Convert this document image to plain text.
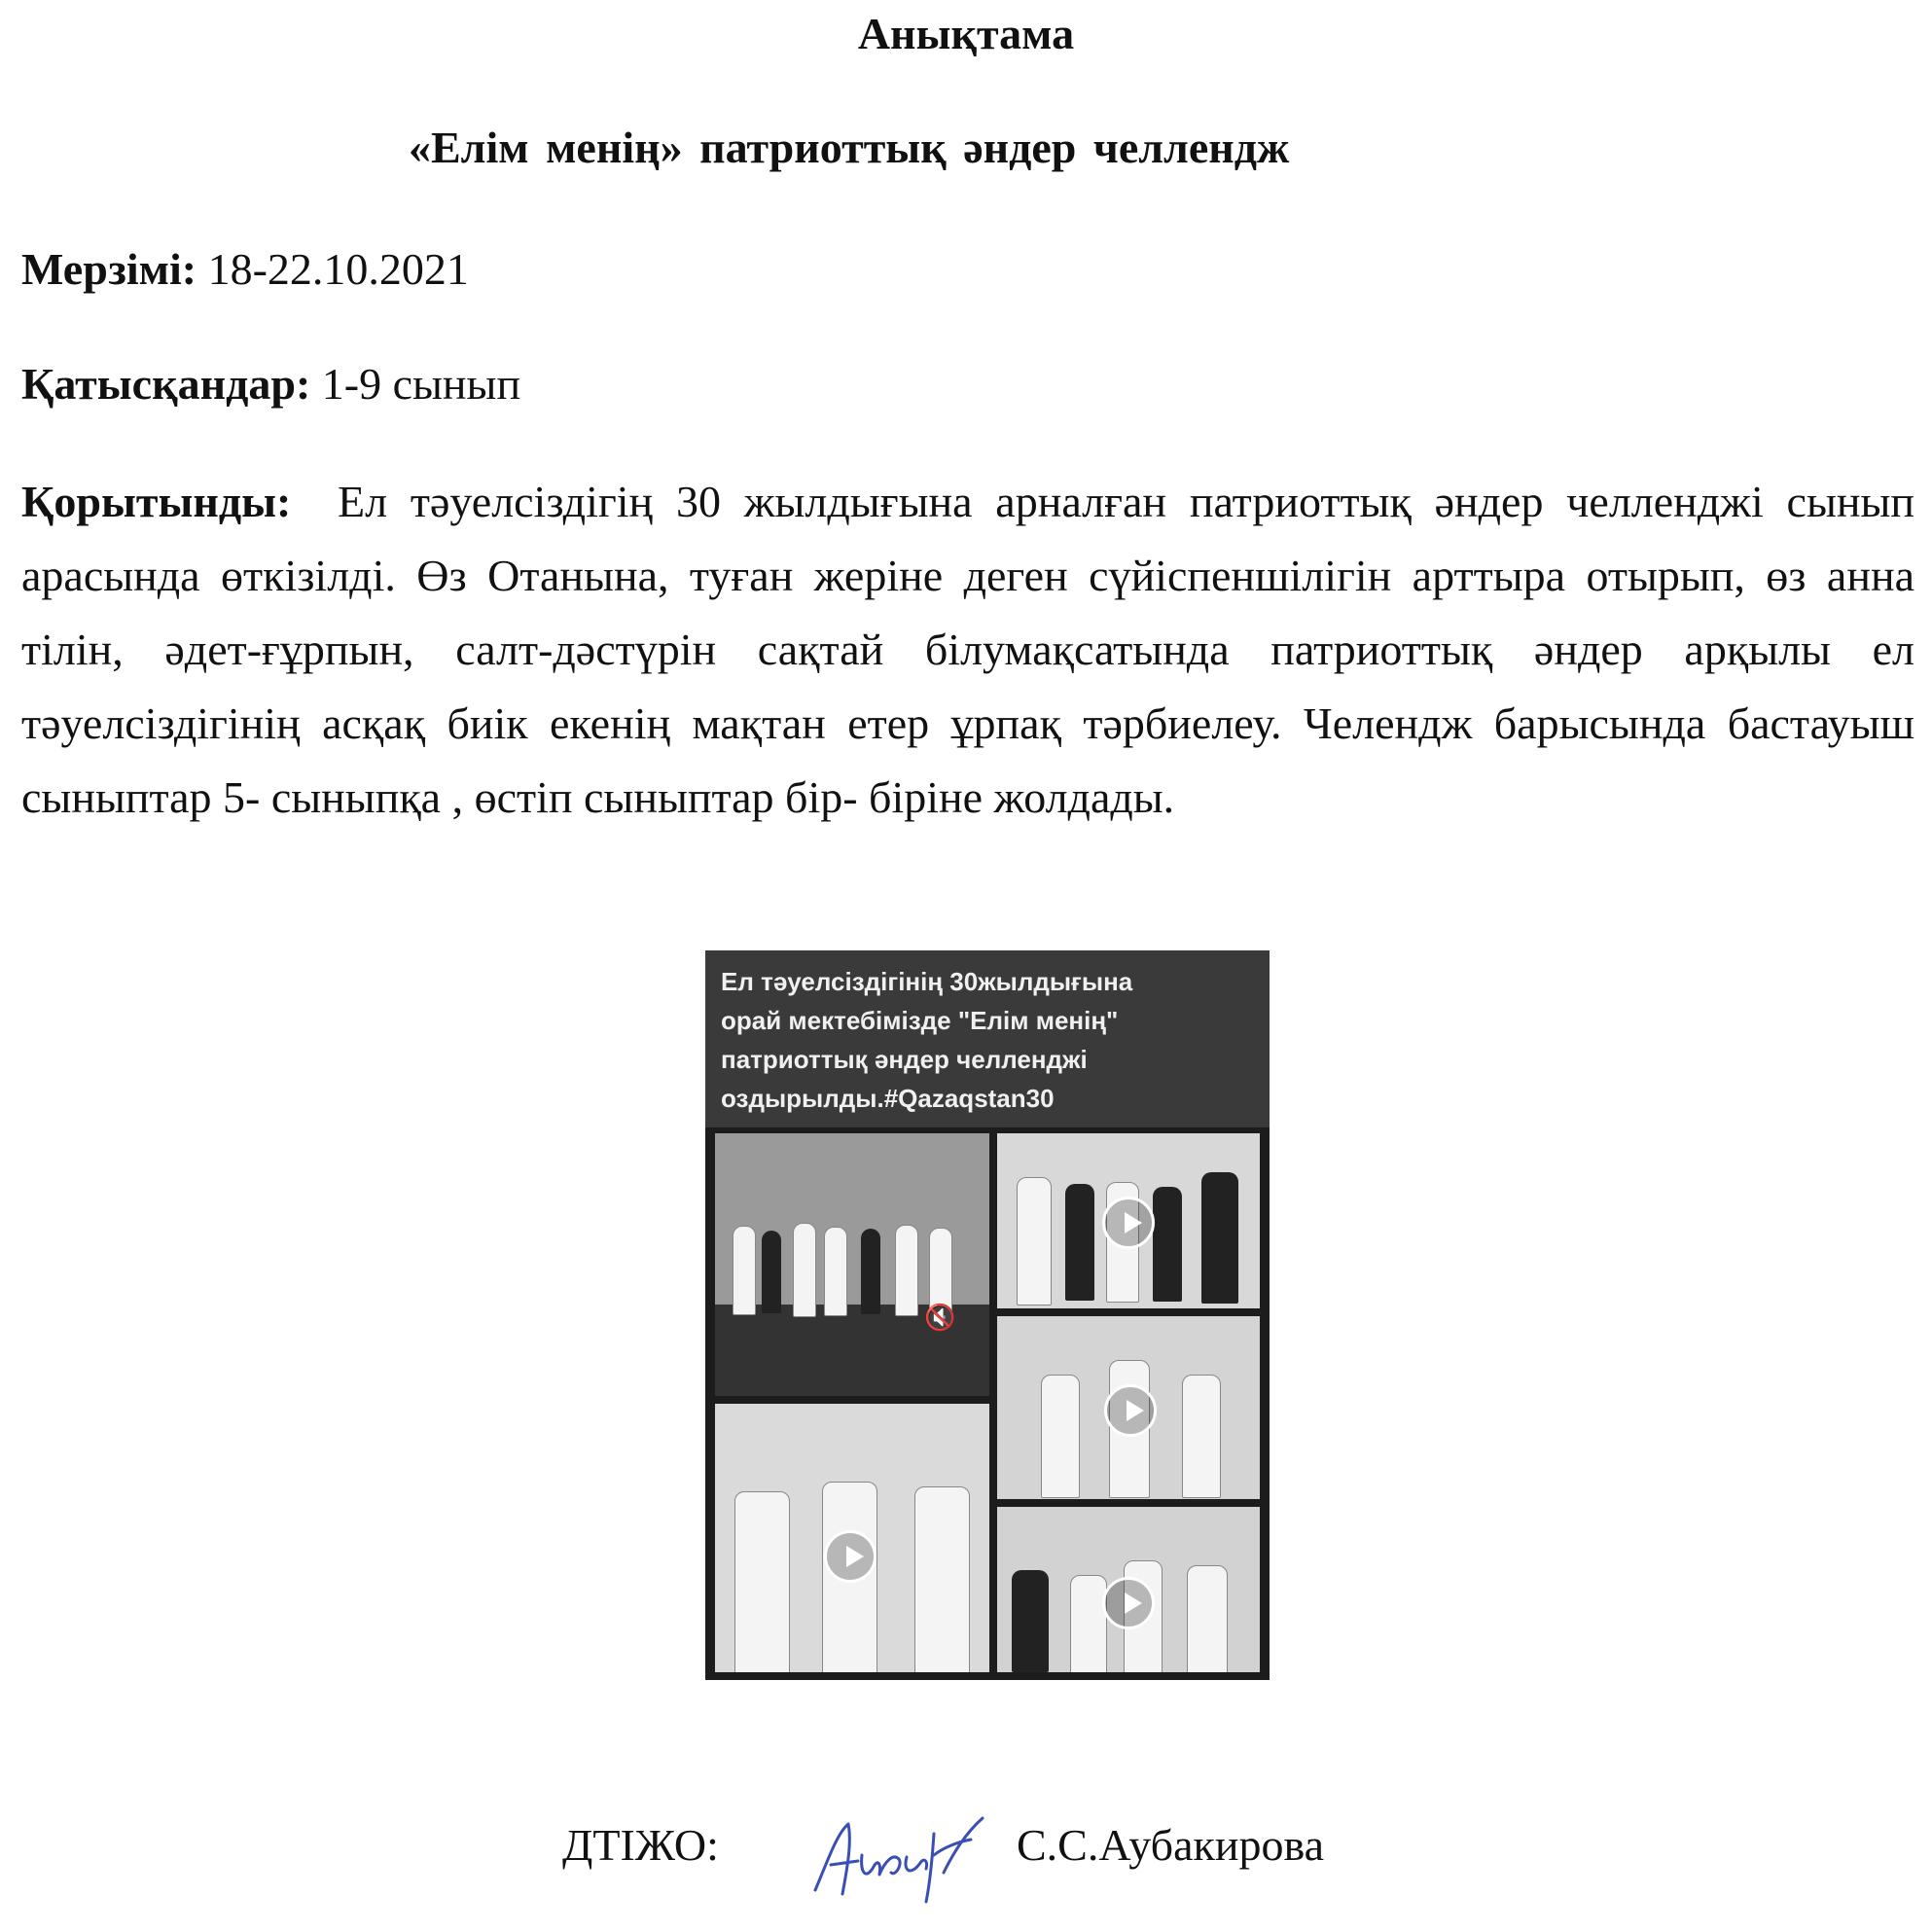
Анықтама
«Елім менің» патриоттық әндер челлендж

Мерзімі: 18-22.10.2021

Қатысқандар: 1-9 сынып

Қорытынды: Ел тәуелсіздігің 30 жылдығына арналған патриоттық әндер челленджі сынып арасында өткізілді. Өз Отанына, туған жеріне деген сүйіспеншілігін арттыра отырып, өз анна тілін, әдет-ғұрпын, салт-дәстүрін сақтай білумақсатында патриоттық әндер арқылы ел тәуелсіздігінің асқақ биік екенің мақтан етер ұрпақ тәрбиелеу. Челендж барысында бастауыш сыныптар 5- сыныпқа , өстіп сыныптар бір- біріне жолдады.

Ел тәуелсіздігінің 30жылдығына
орай мектебімізде "Елім менің"
патриоттық әндер челленджі
оздырылды.#Qazaqstan30
🔇

ДТІЖО:	С.С.Аубакирова
